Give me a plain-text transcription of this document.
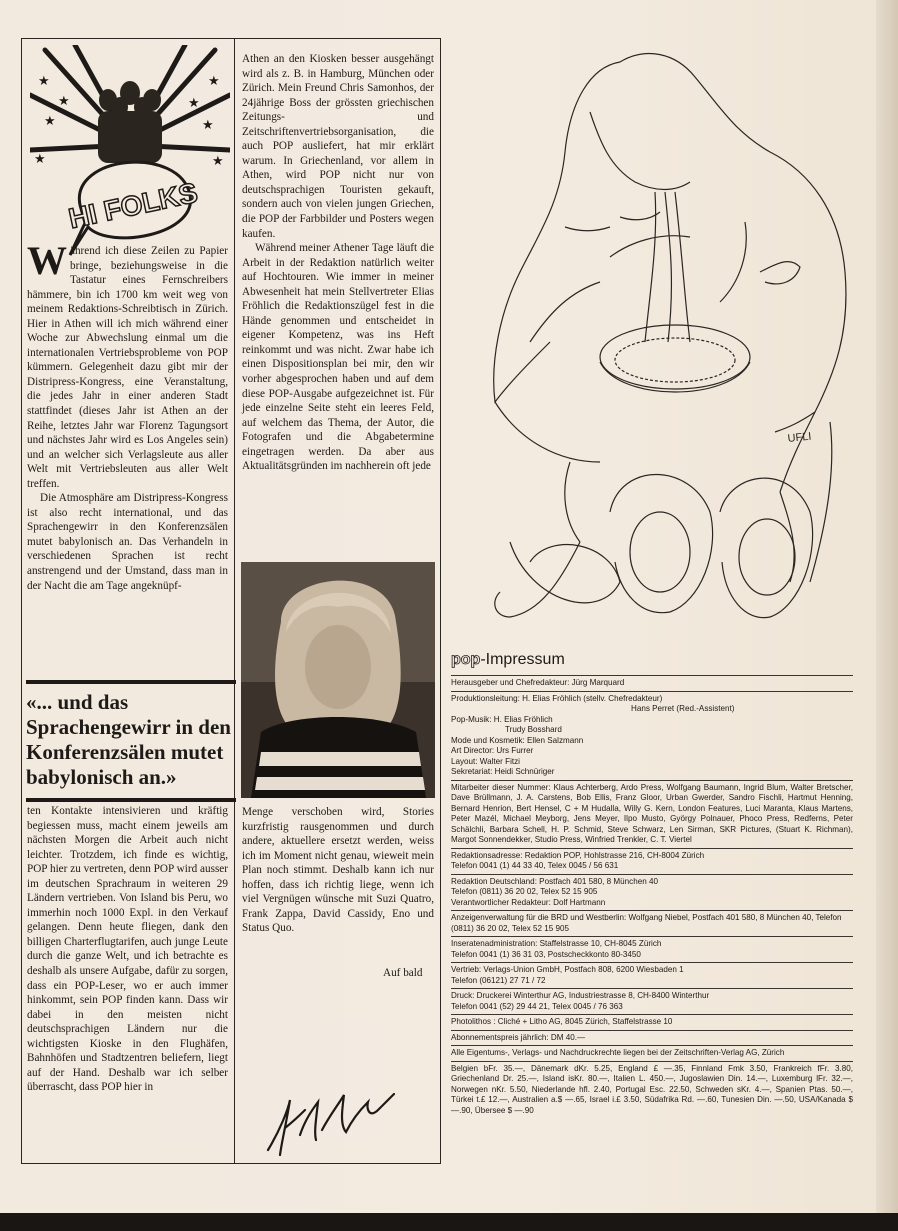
★	★
★	★
★	★
★	★
HI FOLKS

Während ich diese Zeilen zu Papier bringe, beziehungsweise in die Tastatur eines Fernschreibers hämmere, bin ich 1700 km weit weg von meinem Redaktions-Schreibtisch in Zürich. Hier in Athen will ich mich während einer Woche zur Abwechslung einmal um die internationalen Vertriebsprobleme von POP kümmern. Gelegenheit dazu gibt mir der Distripress-Kongress, eine Veranstaltung, die jedes Jahr in einer anderen Stadt stattfindet (dieses Jahr ist Athen an der Reihe, letztes Jahr war Florenz Tagungsort und nächstes Jahr wird es Los Angeles sein) und an welcher sich Verlagsleute aus aller Welt mit Vertriebsleuten aus aller Welt treffen.

Die Atmosphäre am Distripress-Kongress ist also recht international, und das Sprachengewirr in den Konferenzsälen mutet babylonisch an. Das Verhandeln in verschiedenen Sprachen ist recht anstrengend und der Umstand, dass man in der Nacht die am Tage angeknüpf-

«... und das Sprachengewirr in den Konferenzsälen mutet babylonisch an.»

ten Kontakte intensivieren und kräftig begiessen muss, macht einem jeweils am nächsten Morgen die Arbeit auch nicht leichter. Trotzdem, ich finde es wichtig, POP hier zu vertreten, denn POP wird ausser im deutschen Sprachraum in weiteren 29 Ländern vertrieben. Von Island bis Peru, wo immerhin noch 1000 Expl. in den Verkauf gelangen. Denn heute fliegen, dank den billigen Charterflugtarifen, auch junge Leute durch die ganze Welt, und ich betrachte es deshalb als unsere Aufgabe, dafür zu sorgen, dass ein POP-Leser, wo er auch immer hinkommt, sein POP finden kann. Dass wir dabei in den meisten nicht deutschsprachigen Ländern nur die wichtigsten Kioske in den Flughäfen, Bahnhöfen und Stadtzentren beliefern, liegt auf der Hand. Deshalb war ich selber überrascht, dass POP hier in

Athen an den Kiosken besser ausgehängt wird als z. B. in Hamburg, München oder Zürich. Mein Freund Chris Samonhos, der 24jährige Boss der grössten griechischen Zeitungs- und Zeitschriftenvertriebsorganisation, die auch POP ausliefert, hat mir erklärt warum. In Griechenland, vor allem in Athen, wird POP nicht nur von deutschsprachigen Touristen gekauft, sondern auch von vielen jungen Griechen, die POP der Farbbilder und Posters wegen kaufen.

Während meiner Athener Tage läuft die Arbeit in der Redaktion natürlich weiter auf Hochtouren. Wie immer in meiner Abwesenheit hat mein Stellvertreter Elias Fröhlich die Redaktionszügel fest in die Hände genommen und entscheidet in eigener Kompetenz, was ins Heft reinkommt und was nicht. Zwar habe ich einen Dispositionsplan bei mir, den wir vorher abgesprochen haben und auf dem diese POP-Ausgabe aufgezeichnet ist. Für jede einzelne Seite steht ein leeres Feld, auf welchem das Thema, der Autor, die Fotografen und die Abgabetermine eingetragen werden. Da aber aus Aktualitätsgründen im nachherein oft jede

Menge verschoben wird, Stories kurzfristig rausgenommen und durch andere, aktuellere ersetzt werden, weiss ich im Moment nicht genau, wieweit mein Plan noch stimmt. Deshalb kann ich nur hoffen, dass ich richtig liege, wenn ich viel Vergnügen wünsche mit Suzi Quatro, Frank Zappa, David Cassidy, Eno und Status Quo.

Auf bald
UFLI
pop-Impressum
Herausgeber und Chefredakteur: Jürg Marquard
Produktionsleitung: H. Elias Fröhlich (stellv. Chefredakteur)
Hans Perret (Red.-Assistent)
Pop-Musik: H. Elias Fröhlich
Trudy Bosshard
Mode und Kosmetik: Ellen Salzmann
Art Director: Urs Furrer
Layout: Walter Fitzi
Sekretariat: Heidi Schnüriger
Mitarbeiter dieser Nummer: Klaus Achterberg, Ardo Press, Wolfgang Baumann, Ingrid Blum, Walter Bretscher, Dave Brüllmann, J. A. Carstens, Bob Ellis, Franz Gloor, Urban Gwerder, Sandro Fischli, Hartmut Henning, Bernard Henrion, Bert Hensel, C + M Hudalla, Willy G. Kern, London Features, Luci Maranta, Klaus Martens, Peter Mazél, Michael Meyborg, Jens Meyer, Ilpo Musto, György Polnauer, Phoco Press, Redferns, Peter Schälchli, Barbara Schell, H. P. Schmid, Steve Schwarz, Len Sirman, SKR Pictures, (Stuart K. Richman), Margot Sonnendekker, Studio Press, Winfried Trenkler, C. T. Viertel
Redaktionsadresse: Redaktion POP, Hohlstrasse 216, CH-8004 Zürich
Telefon 0041 (1) 44 33 40, Telex 0045 / 56 631
Redaktion Deutschland: Postfach 401 580, 8 München 40
Telefon (0811) 36 20 02, Telex 52 15 905
Verantwortlicher Redakteur: Dolf Hartmann
Anzeigenverwaltung für die BRD und Westberlin: Wolfgang Niebel, Postfach 401 580, 8 München 40, Telefon (0811) 36 20 02, Telex 52 15 905
Inseratenadministration: Staffelstrasse 10, CH-8045 Zürich
Telefon 0041 (1) 36 31 03, Postscheckkonto 80-3450
Vertrieb: Verlags-Union GmbH, Postfach 808, 6200 Wiesbaden 1
Telefon (06121) 27 71 / 72
Druck: Druckerei Winterthur AG, Industriestrasse 8, CH-8400 Winterthur
Telefon 0041 (52) 29 44 21, Telex 0045 / 76 363
Photolithos : Cliché + Litho AG, 8045 Zürich, Staffelstrasse 10
Abonnementspreis jährlich: DM 40.—
Alle Eigentums-, Verlags- und Nachdruckrechte liegen bei der Zeitschriften-Verlag AG, Zürich
Belgien bFr. 35.—, Dänemark dKr. 5.25, England £ —.35, Finnland Fmk 3.50, Frankreich fFr. 3.80, Griechenland Dr. 25.—, Island isKr. 80.—, Italien L. 450.—, Jugoslawien Din. 14.—, Luxemburg lFr. 32.—, Norwegen nKr. 5.50, Niederlande hfl. 2.40, Portugal Esc. 22.50, Schweden sKr. 4.—, Spanien Ptas. 50.—, Türkei t.£ 12.—, Australien a.$ —.65, Israel i.£ 3.50, Südafrika Rd. —.60, Tunesien Din. —.50, USA/Kanada $ —.90, Übersee $ —.90
